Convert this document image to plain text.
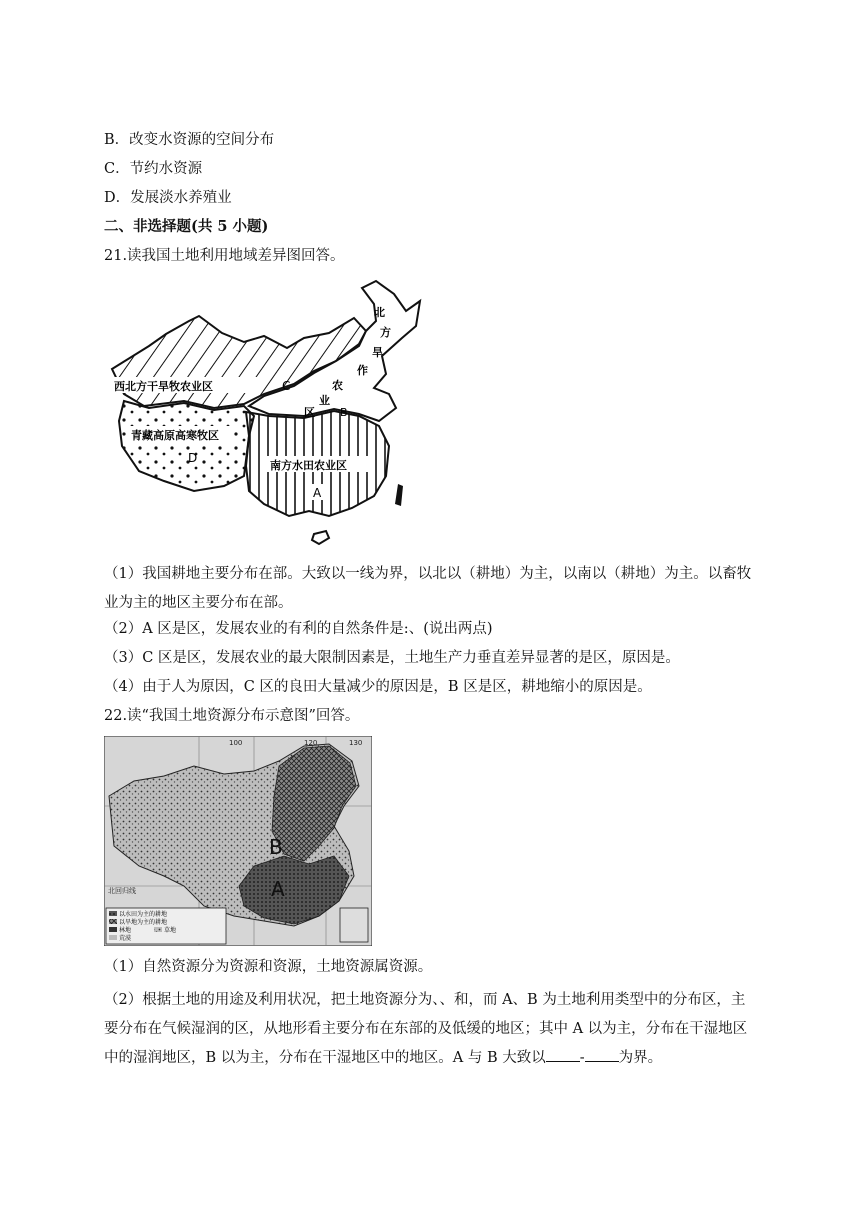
B．改变水资源的空间分布
C．节约水资源
D．发展淡水养殖业
二、非选择题(共 5 小题)
21.读我国土地利用地域差异图回答。
西北方干旱牧农业区	C
青藏高原高寒牧区
D
南方水田农业区
A
北
方
旱
作
农
业
区 B
（1）我国耕地主要分布在部。大致以一线为界，以北以（耕地）为主，以南以（耕地）为主。以畜牧业为主的地区主要分布在部。
（2）A 区是区，发展农业的有利的自然条件是:、(说出两点)
（3）C 区是区，发展农业的最大限制因素是，土地生产力垂直差异显著的是区，原因是。
（4）由于人为原因，C 区的良田大量减少的原因是，B 区是区，耕地缩小的原因是。
22.读“我国土地资源分布示意图”回答。
B
A
100	120	130
北回归线
以水田为主的耕地
以旱地为主的耕地
林地	草地
荒漠
（1）自然资源分为资源和资源，土地资源属资源。
（2）根据土地的用途及利用状况，把土地资源分为、、和，而 A、B 为土地利用类型中的分布区，主要分布在气候湿润的区，从地形看主要分布在东部的及低缓的地区；其中 A 以为主，分布在干湿地区中的湿润地区，B 以为主，分布在干湿地区中的地区。A 与 B 大致以 - 为界。
